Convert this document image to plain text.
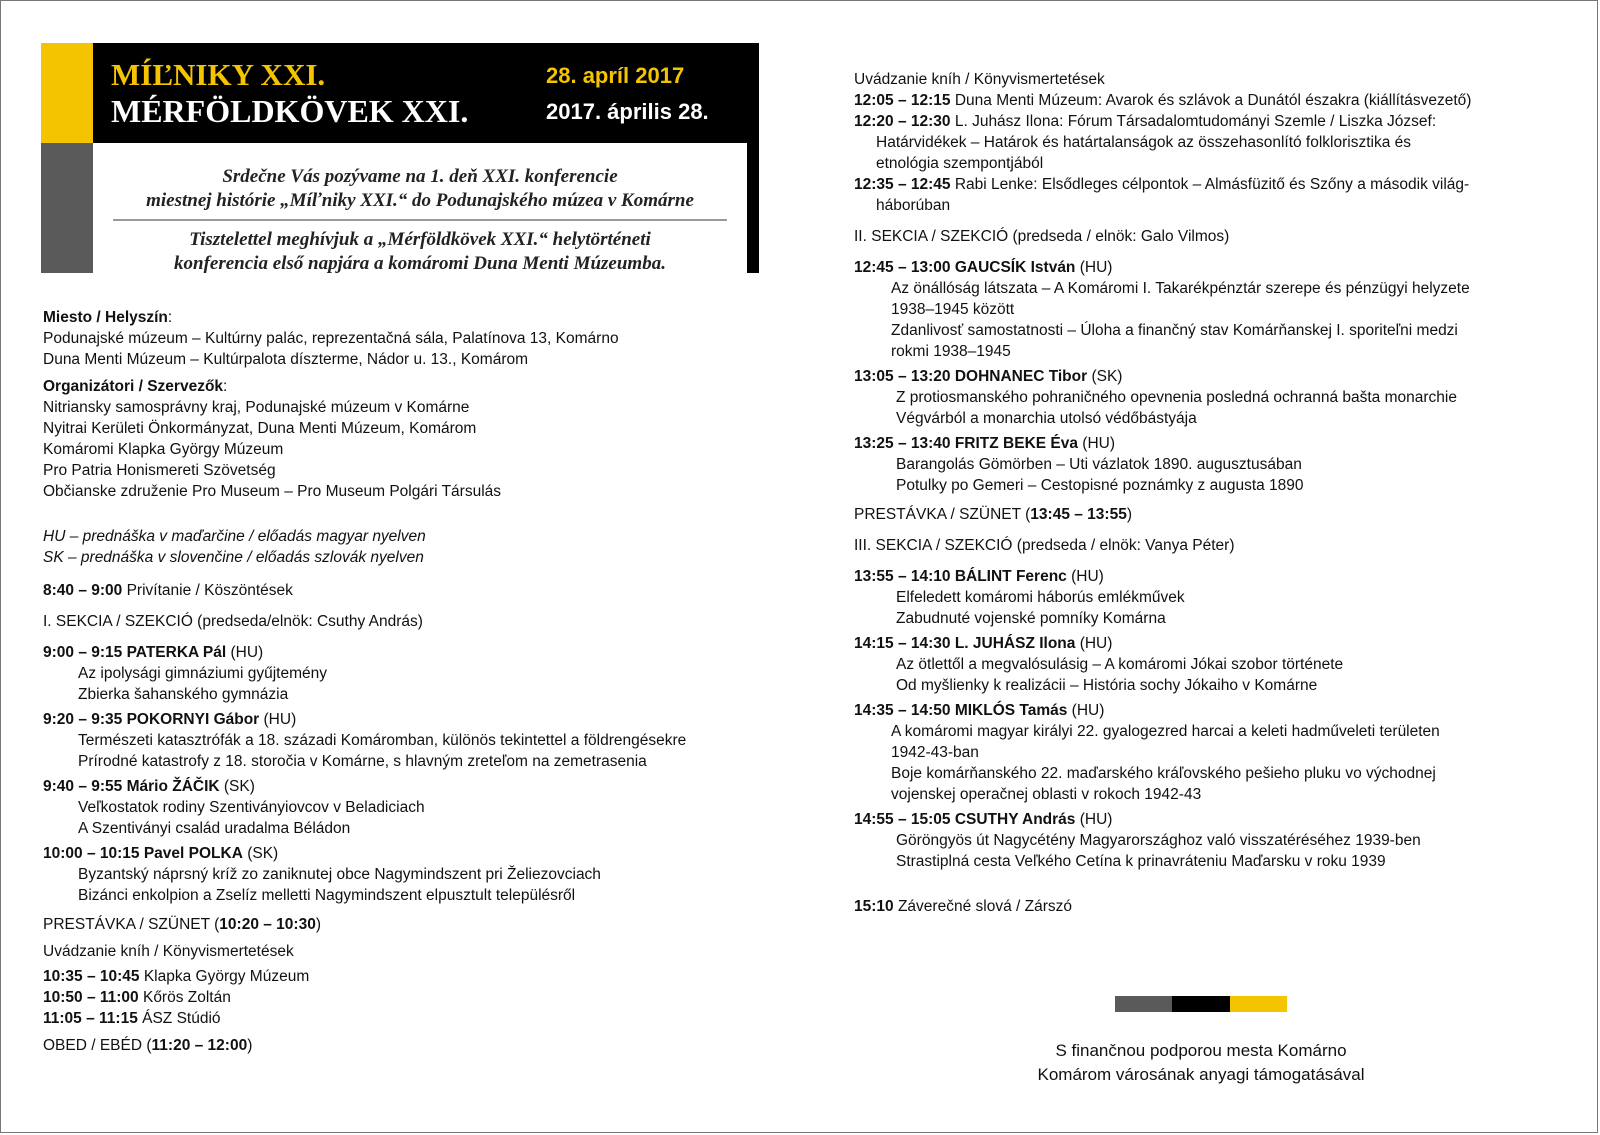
MÍĽNIKY XXI.
MÉRFÖLDKÖVEK XXI.
28. apríl 2017
2017. április 28.
Srdečne Vás pozývame na 1. deň XXI. konferencie
miestnej histórie „Míľniky XXI.“ do Podunajského múzea v Komárne
Tisztelettel meghívjuk a „Mérföldkövek XXI.“ helytörténeti
konferencia első napjára a komáromi Duna Menti Múzeumba.
Miesto / Helyszín:
Podunajské múzeum – Kultúrny palác, reprezentačná sála, Palatínova 13, Komárno
Duna Menti Múzeum – Kultúrpalota díszterme, Nádor u. 13., Komárom
Organizátori / Szervezők:
Nitriansky samosprávny kraj, Podunajské múzeum v Komárne
Nyitrai Kerületi Önkormányzat, Duna Menti Múzeum, Komárom
Komáromi Klapka György Múzeum
Pro Patria Honismereti Szövetség
Občianske združenie Pro Museum – Pro Museum Polgári Társulás
HU – prednáška v maďarčine / előadás magyar nyelven
SK – prednáška v slovenčine / előadás szlovák nyelven
8:40 – 9:00 Privítanie / Köszöntések
I. SEKCIA / SZEKCIÓ (predseda/elnök: Csuthy András)
9:00 – 9:15 PATERKA Pál (HU)
Az ipolysági gimnáziumi gyűjtemény
Zbierka šahanského gymnázia
9:20 – 9:35 POKORNYI Gábor (HU)
Természeti katasztrófák a 18. századi Komáromban, különös tekintettel a földrengésekre
Prírodné katastrofy z 18. storočia v Komárne, s hlavným zreteľom na zemetrasenia
9:40 – 9:55 Mário ŽÁČIK (SK)
Veľkostatok rodiny Szentiványiovcov v Beladiciach
A Szentiványi család uradalma Béládon
10:00 – 10:15 Pavel POLKA (SK)
Byzantský náprsný kríž zo zaniknutej obce Nagymindszent pri Želiezovciach
Bizánci enkolpion a Zselíz melletti Nagymindszent elpusztult településről
PRESTÁVKA / SZÜNET (10:20 – 10:30)
Uvádzanie kníh / Könyvismertetések
10:35 – 10:45 Klapka György Múzeum
10:50 – 11:00 Kőrös Zoltán
11:05 – 11:15 ÁSZ Stúdió
OBED / EBÉD (11:20 – 12:00)
Uvádzanie kníh / Könyvismertetések
12:05 – 12:15 Duna Menti Múzeum: Avarok és szlávok a Dunától északra (kiállításvezető)
12:20 – 12:30 L. Juhász Ilona: Fórum Társadalomtudományi Szemle / Liszka József:
Határvidékek – Határok és határtalanságok az összehasonlító folklorisztika és
etnológia szempontjából
12:35 – 12:45 Rabi Lenke: Elsődleges célpontok – Almásfüzitő és Szőny a második világ-
háborúban
II. SEKCIA / SZEKCIÓ (predseda / elnök: Galo Vilmos)
12:45 – 13:00 GAUCSÍK István (HU)
Az önállóság látszata – A Komáromi I. Takarékpénztár szerepe és pénzügyi helyzete
1938–1945 között
Zdanlivosť samostatnosti – Úloha a finančný stav Komárňanskej I. sporiteľni medzi
rokmi 1938–1945
13:05 – 13:20 DOHNANEC Tibor (SK)
Z protiosmanského pohraničného opevnenia posledná ochranná bašta monarchie
Végvárból a monarchia utolsó védőbástyája
13:25 – 13:40 FRITZ BEKE Éva (HU)
Barangolás Gömörben – Uti vázlatok 1890. augusztusában
Potulky po Gemeri – Cestopisné poznámky z augusta 1890
PRESTÁVKA / SZÜNET (13:45 – 13:55)
III. SEKCIA / SZEKCIÓ (predseda / elnök: Vanya Péter)
13:55 – 14:10 BÁLINT Ferenc (HU)
Elfeledett komáromi háborús emlékművek
Zabudnuté vojenské pomníky Komárna
14:15 – 14:30 L. JUHÁSZ Ilona (HU)
Az ötlettől a megvalósulásig – A komáromi Jókai szobor története
Od myšlienky k realizácii – História sochy Jókaiho v Komárne
14:35 – 14:50 MIKLÓS Tamás (HU)
A komáromi magyar királyi 22. gyalogezred harcai a keleti hadműveleti területen
1942-43-ban
Boje komárňanského 22. maďarského kráľovského pešieho pluku vo východnej
vojenskej operačnej oblasti v rokoch 1942-43
14:55 – 15:05 CSUTHY András (HU)
Göröngyös út Nagycétény Magyarországhoz való visszatéréséhez 1939-ben
Strastiplná cesta Veľkého Cetína k prinavráteniu Maďarsku v roku 1939
15:10 Záverečné slová / Zárszó
S finančnou podporou mesta Komárno
Komárom városának anyagi támogatásával
